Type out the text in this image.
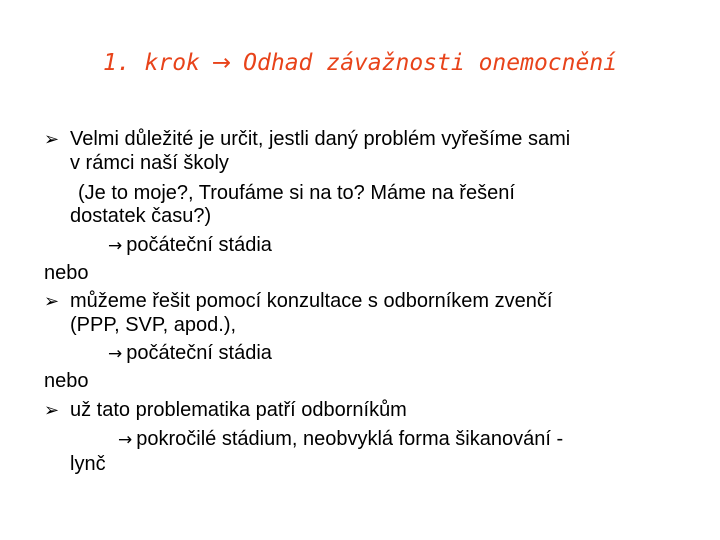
1. krok → Odhad závažnosti onemocnění
➢ Velmi důležité je určit, jestli daný problém vyřešíme sami
v rámci naší školy
(Je to moje?, Troufáme si na to? Máme na řešení
dostatek času?)
→ počáteční stádia
nebo
➢ můžeme řešit pomocí konzultace s odborníkem zvenčí
(PPP, SVP, apod.),
→ počáteční stádia
nebo
➢ už tato problematika patří odborníkům
→ pokročilé stádium, neobvyklá forma šikanování -
lynč
